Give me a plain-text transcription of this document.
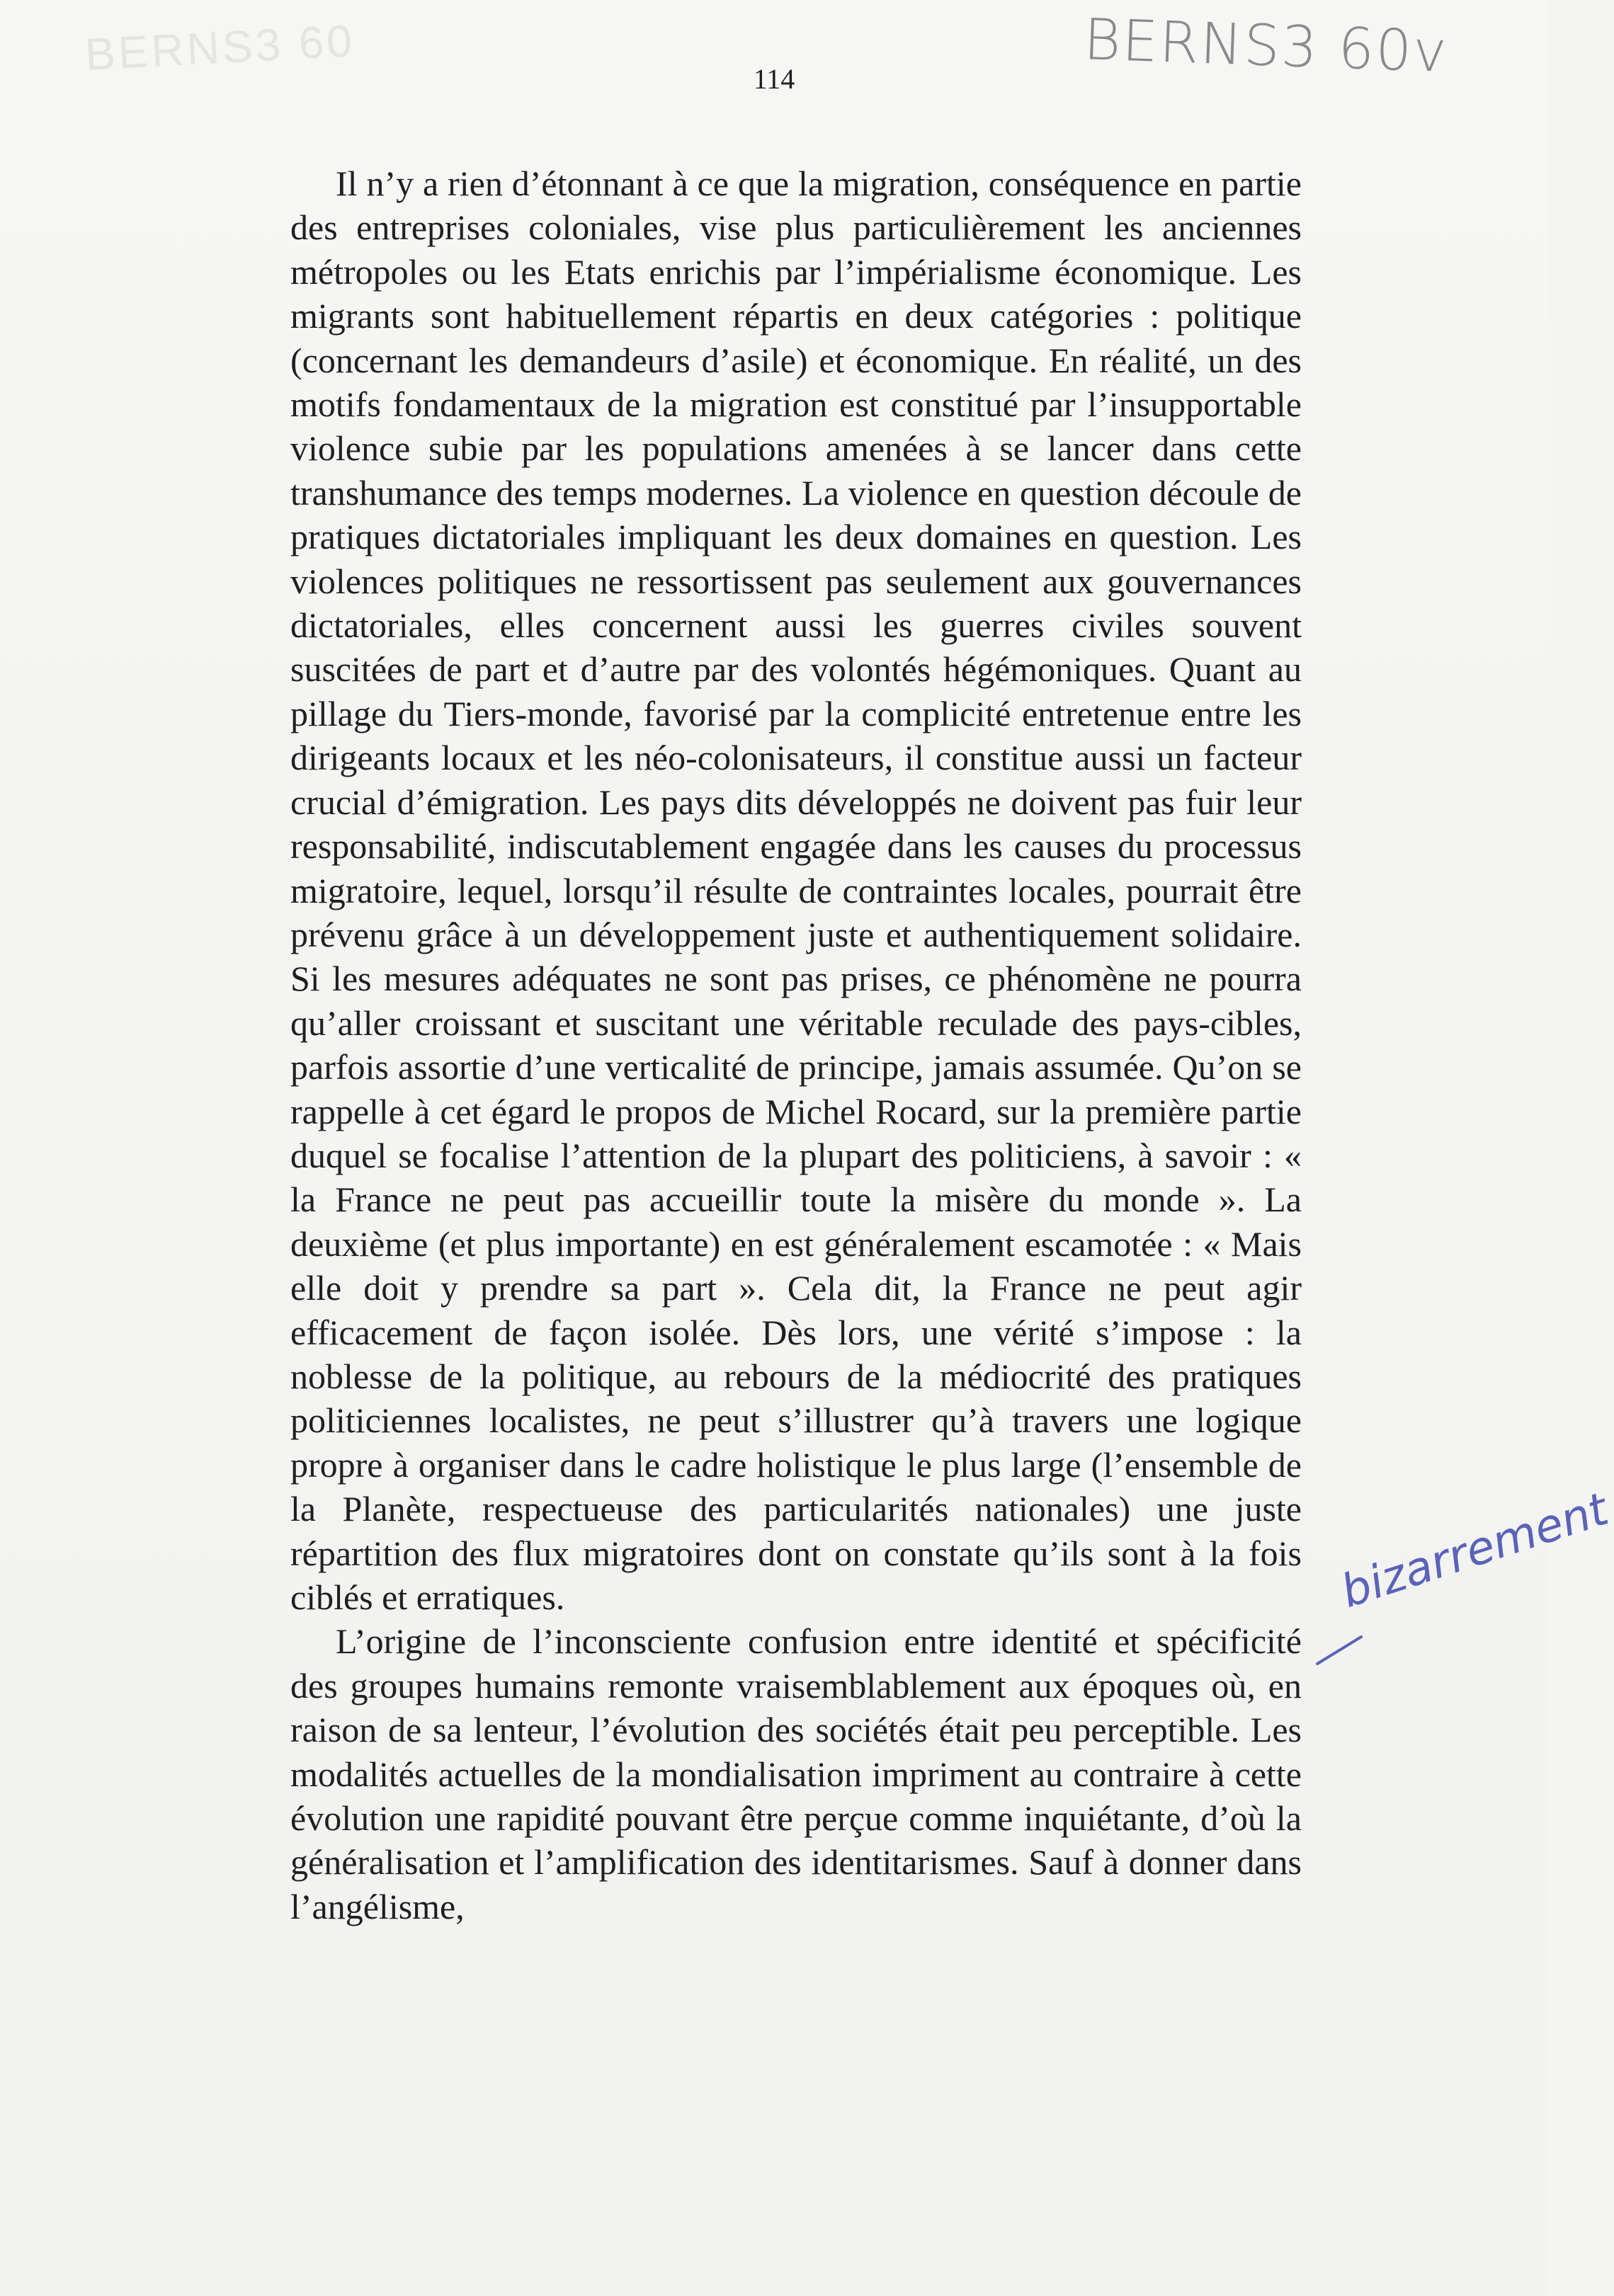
BERNS3 60	BERNS3 60v
114

Il n’y a rien d’étonnant à ce que la migration, conséquence en partie des entreprises coloniales, vise plus particulièrement les anciennes métropoles ou les Etats enrichis par l’impérialisme économique. Les migrants sont habituellement répartis en deux catégories : politique (concernant les demandeurs d’asile) et économique. En réalité, un des motifs fondamentaux de la migration est constitué par l’insupportable violence subie par les populations amenées à se lancer dans cette transhumance des temps modernes. La violence en question découle de pratiques dictatoriales impliquant les deux domaines en question. Les violences politiques ne ressortissent pas seulement aux gouvernances dictatoriales, elles concernent aussi les guerres civiles souvent suscitées de part et d’autre par des volontés hégémoniques. Quant au pillage du Tiers-monde, favorisé par la complicité entretenue entre les dirigeants locaux et les néo-colonisateurs, il constitue aussi un facteur crucial d’émigration. Les pays dits développés ne doivent pas fuir leur responsabilité, indiscutablement engagée dans les causes du processus migratoire, lequel, lorsqu’il résulte de contraintes locales, pourrait être prévenu grâce à un développement juste et authentiquement solidaire. Si les mesures adéquates ne sont pas prises, ce phénomène ne pourra qu’aller croissant et suscitant une véritable reculade des pays-cibles, parfois assortie d’une verticalité de principe, jamais assumée. Qu’on se rappelle à cet égard le propos de Michel Rocard, sur la première partie duquel se focalise l’attention de la plupart des politiciens, à savoir : « la France ne peut pas accueillir toute la misère du monde ». La deuxième (et plus importante) en est généralement escamotée : « Mais elle doit y prendre sa part ». Cela dit, la France ne peut agir efficacement de façon isolée. Dès lors, une vérité s’impose : la noblesse de la politique, au rebours de la médiocrité des pratiques politiciennes localistes, ne peut s’illustrer qu’à travers une logique propre à organiser dans le cadre holistique le plus large (l’ensemble de la Planète, respectueuse des particularités nationales) une juste répartition des flux migratoires dont on constate qu’ils sont à la fois ciblés et erratiques.

L’origine de l’inconsciente confusion entre identité et spécificité des groupes humains remonte vraisemblablement aux époques où, en raison de sa lenteur, l’évolution des sociétés était peu perceptible. Les modalités actuelles de la mondialisation impriment au contraire à cette évolution une rapidité pouvant être perçue comme inquiétante, d’où la généralisation et l’amplification des identitarismes. Sauf à donner dans l’angélisme,

bizarrement
